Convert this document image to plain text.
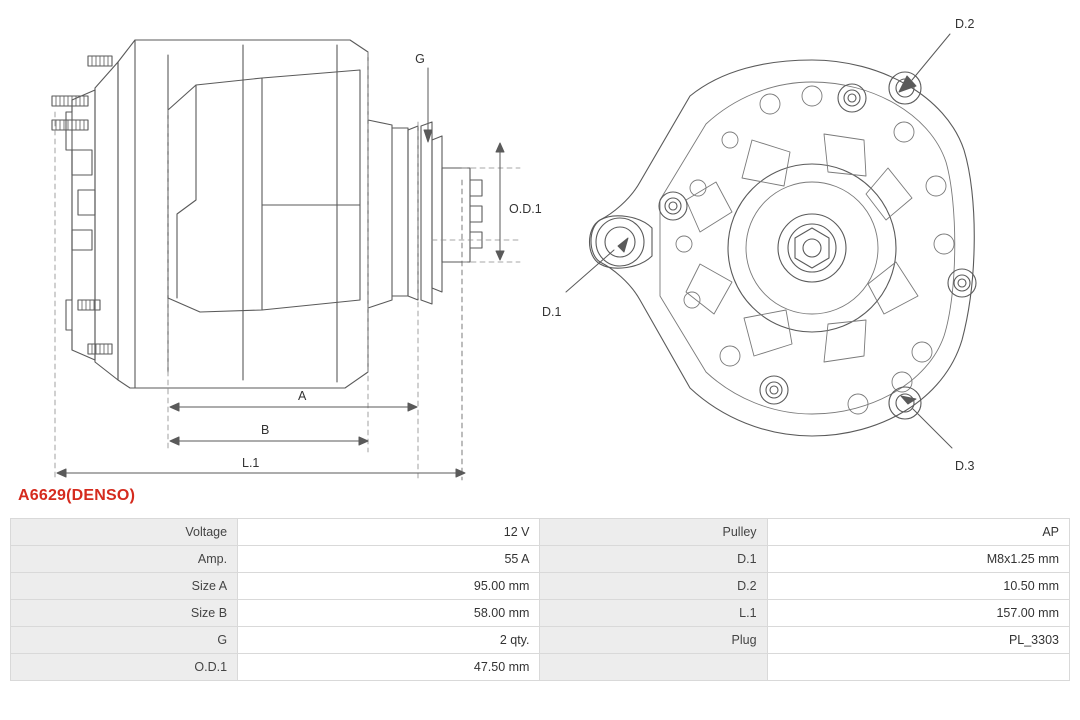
G
O.D.1
A
B
L.1
D.1
D.2
D.3
A6629(DENSO)
Voltage	12 V	Pulley	AP
Amp.	55 A	D.1	M8x1.25 mm
Size A	95.00 mm	D.2	10.50 mm
Size B	58.00 mm	L.1	157.00 mm
G	2 qty.	Plug	PL_3303
O.D.1	47.50 mm		
